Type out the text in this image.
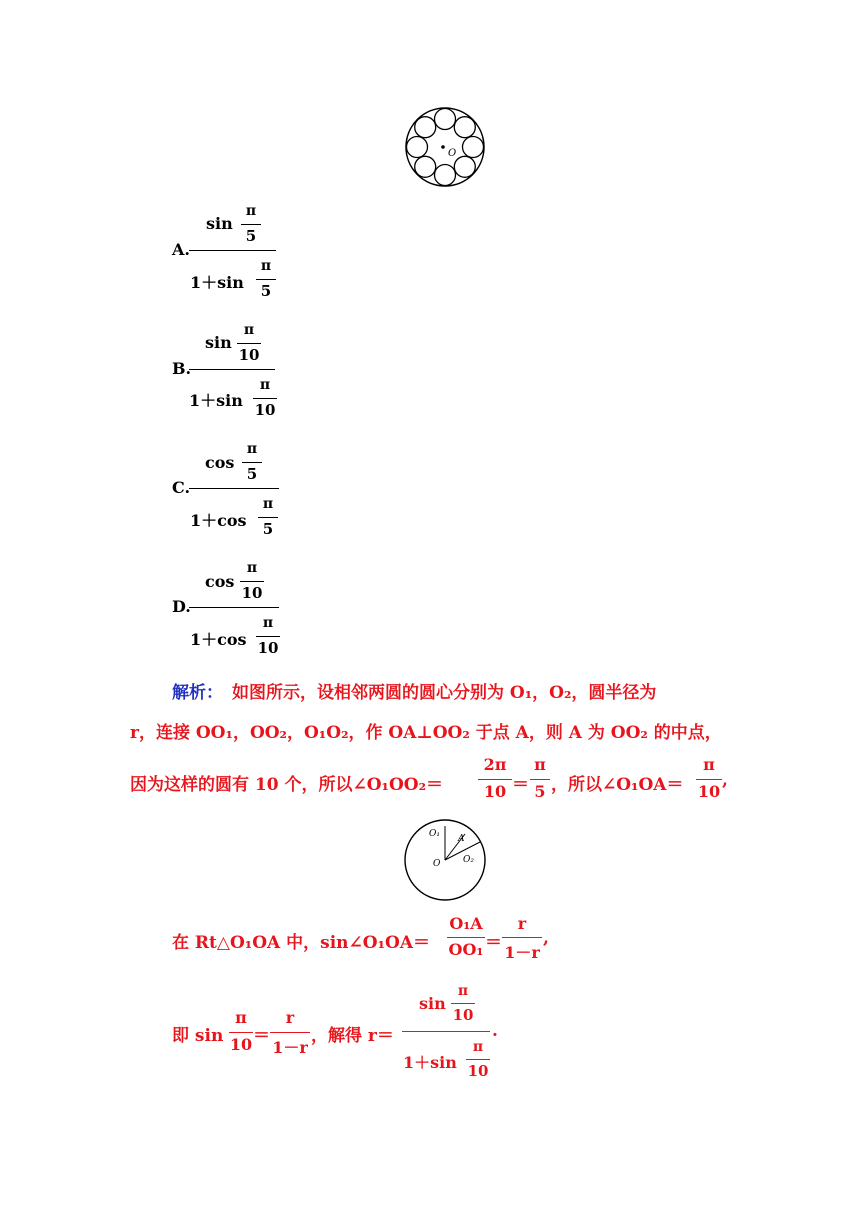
O
A.
sin
π
5
1＋sin
π
5
B.
sin
π
10
1＋sin
π
10
C.
cos
π
5
1＋cos
π
5
D.
cos
π
10
1＋cos
π
10
解析： 如图所示，设相邻两圆的圆心分别为 O₁，O₂，圆半径为
r，连接 OO₁，OO₂，O₁O₂，作 OA⊥OO₂ 于点 A，则 A 为 OO₂ 的中点，
因为这样的圆有 10 个，所以∠O₁OO₂＝
2π
10 ＝
π
5 ，所以∠O₁OA＝
π
10
,
O₁ A
O	O₂
在 Rt△O₁OA 中，sin∠O₁OA＝
O₁A
OO₁ ＝
r
1－r
,
即 sin
π
10 ＝
r
1－r
，解得 r＝
sin
π
10
1＋sin
π
10
.
